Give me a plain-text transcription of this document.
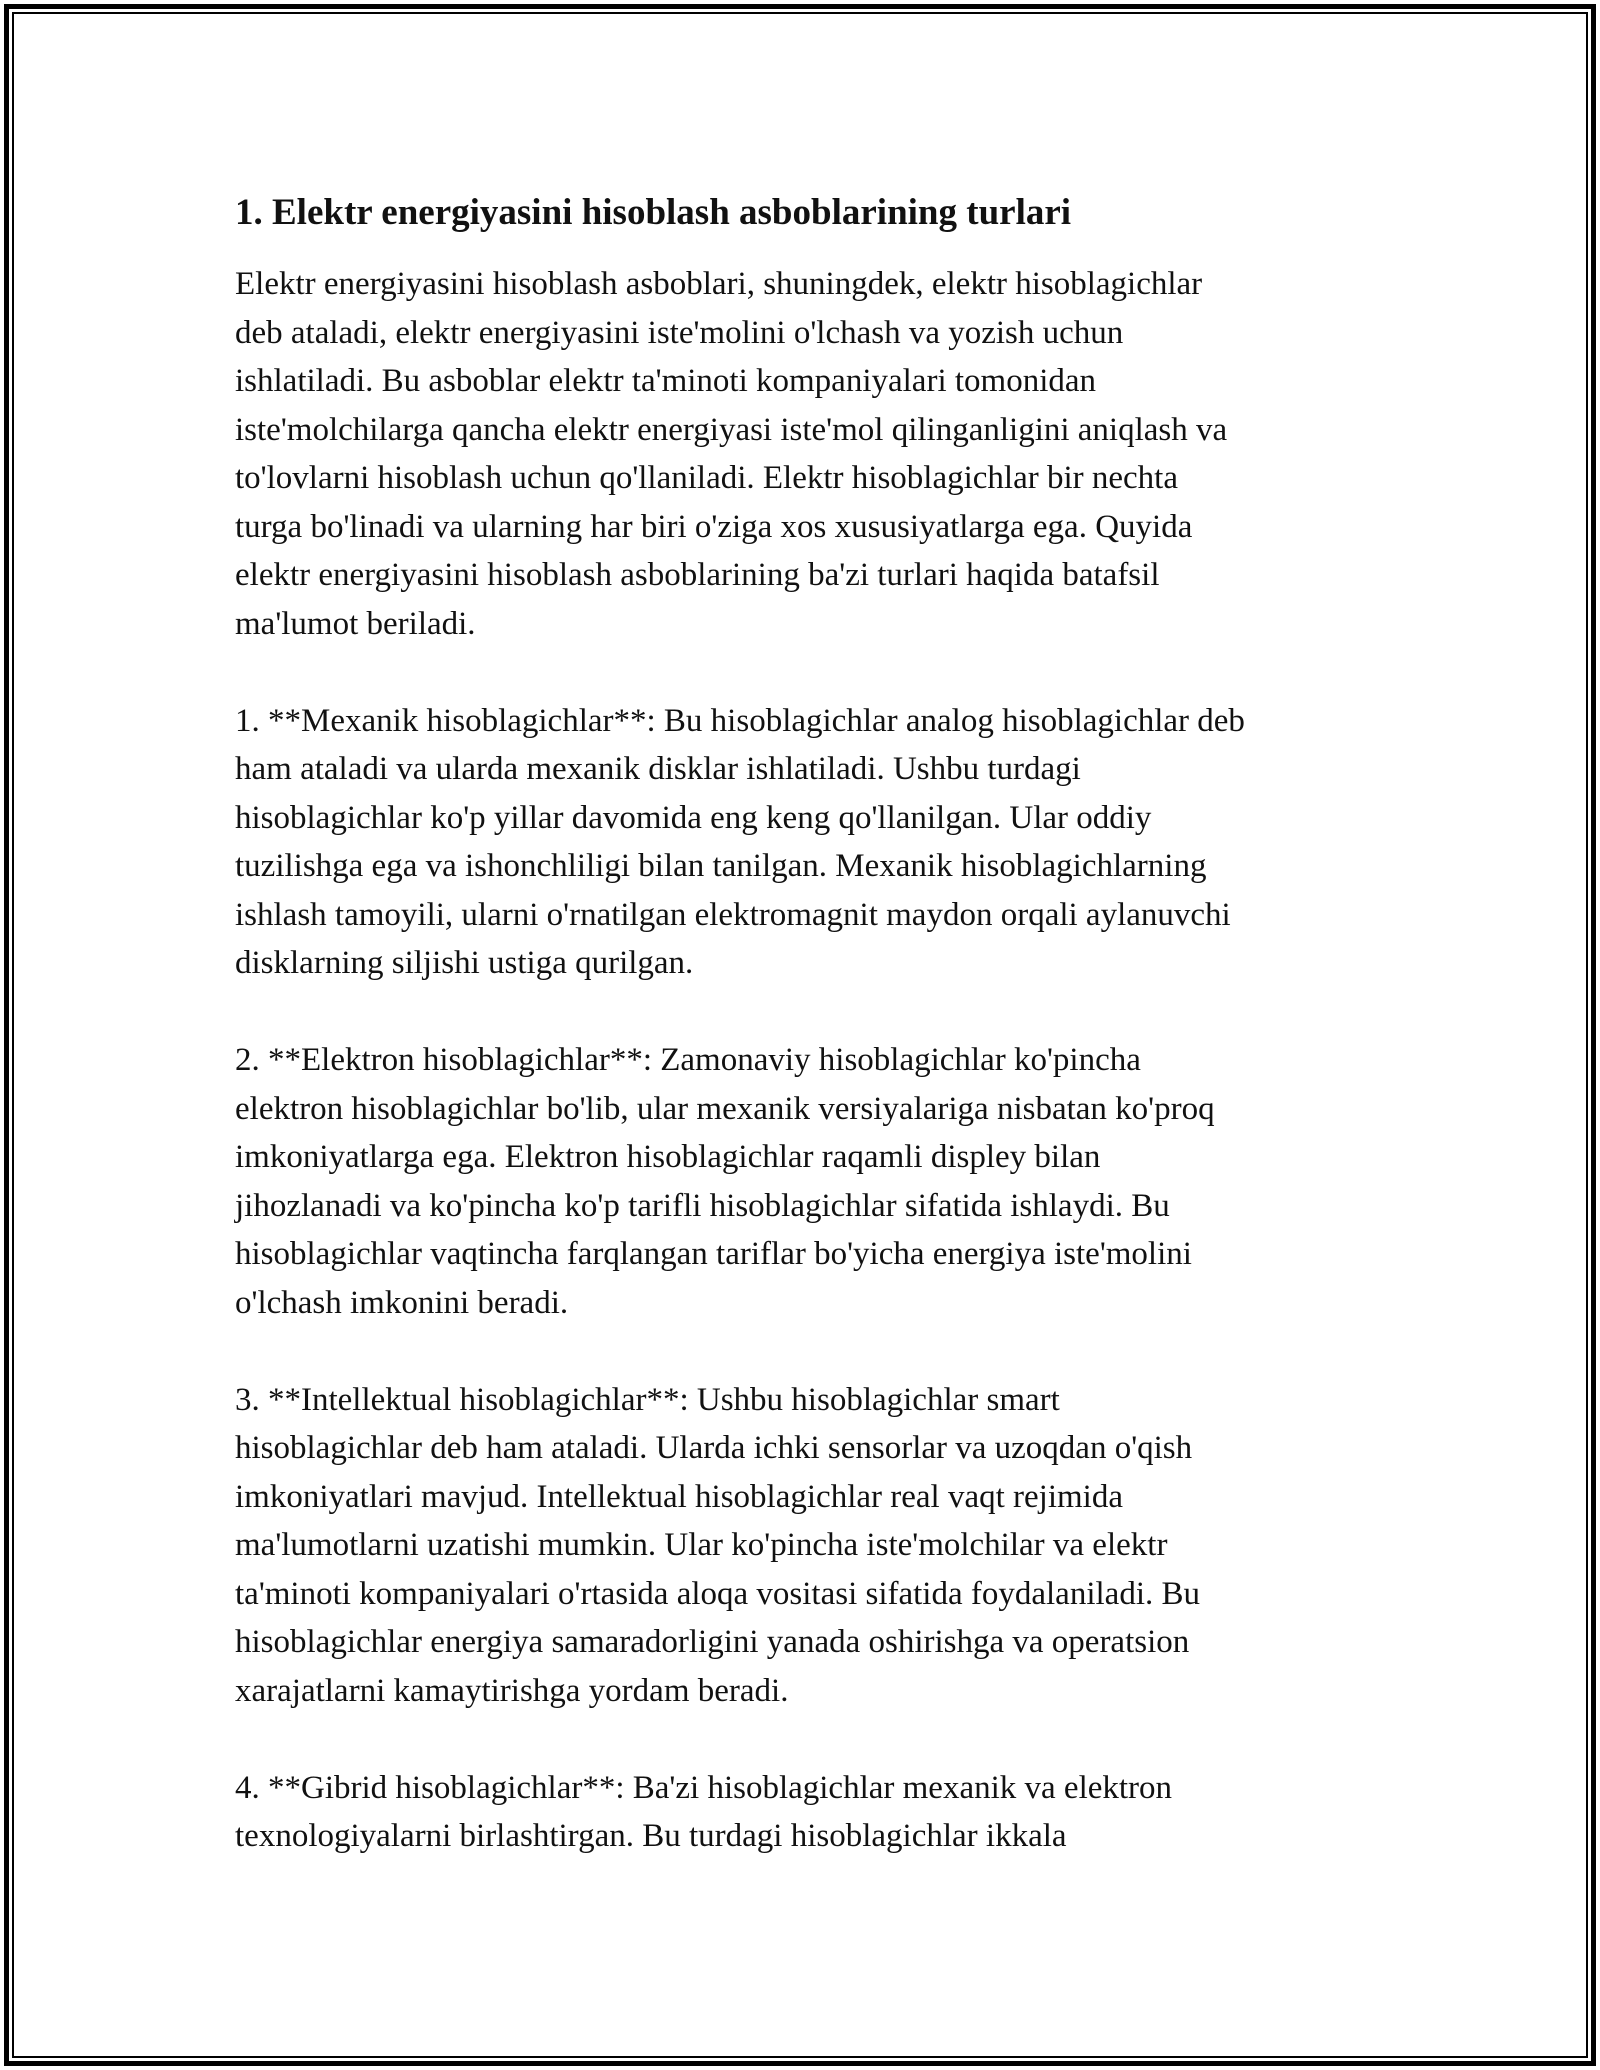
1. Elektr energiyasini hisoblash asboblarining turlari
Elektr energiyasini hisoblash asboblari, shuningdek, elektr hisoblagichlar
deb ataladi, elektr energiyasini iste'molini o'lchash va yozish uchun
ishlatiladi. Bu asboblar elektr ta'minoti kompaniyalari tomonidan
iste'molchilarga qancha elektr energiyasi iste'mol qilinganligini aniqlash va
to'lovlarni hisoblash uchun qo'llaniladi. Elektr hisoblagichlar bir nechta
turga bo'linadi va ularning har biri o'ziga xos xususiyatlarga ega. Quyida
elektr energiyasini hisoblash asboblarining ba'zi turlari haqida batafsil
ma'lumot beriladi.
1. **Mexanik hisoblagichlar**: Bu hisoblagichlar analog hisoblagichlar deb
ham ataladi va ularda mexanik disklar ishlatiladi. Ushbu turdagi
hisoblagichlar ko'p yillar davomida eng keng qo'llanilgan. Ular oddiy
tuzilishga ega va ishonchliligi bilan tanilgan. Mexanik hisoblagichlarning
ishlash tamoyili, ularni o'rnatilgan elektromagnit maydon orqali aylanuvchi
disklarning siljishi ustiga qurilgan.
2. **Elektron hisoblagichlar**: Zamonaviy hisoblagichlar ko'pincha
elektron hisoblagichlar bo'lib, ular mexanik versiyalariga nisbatan ko'proq
imkoniyatlarga ega. Elektron hisoblagichlar raqamli displey bilan
jihozlanadi va ko'pincha ko'p tarifli hisoblagichlar sifatida ishlaydi. Bu
hisoblagichlar vaqtincha farqlangan tariflar bo'yicha energiya iste'molini
o'lchash imkonini beradi.
3. **Intellektual hisoblagichlar**: Ushbu hisoblagichlar smart
hisoblagichlar deb ham ataladi. Ularda ichki sensorlar va uzoqdan o'qish
imkoniyatlari mavjud. Intellektual hisoblagichlar real vaqt rejimida
ma'lumotlarni uzatishi mumkin. Ular ko'pincha iste'molchilar va elektr
ta'minoti kompaniyalari o'rtasida aloqa vositasi sifatida foydalaniladi. Bu
hisoblagichlar energiya samaradorligini yanada oshirishga va operatsion
xarajatlarni kamaytirishga yordam beradi.
4. **Gibrid hisoblagichlar**: Ba'zi hisoblagichlar mexanik va elektron
texnologiyalarni birlashtirgan. Bu turdagi hisoblagichlar ikkala
